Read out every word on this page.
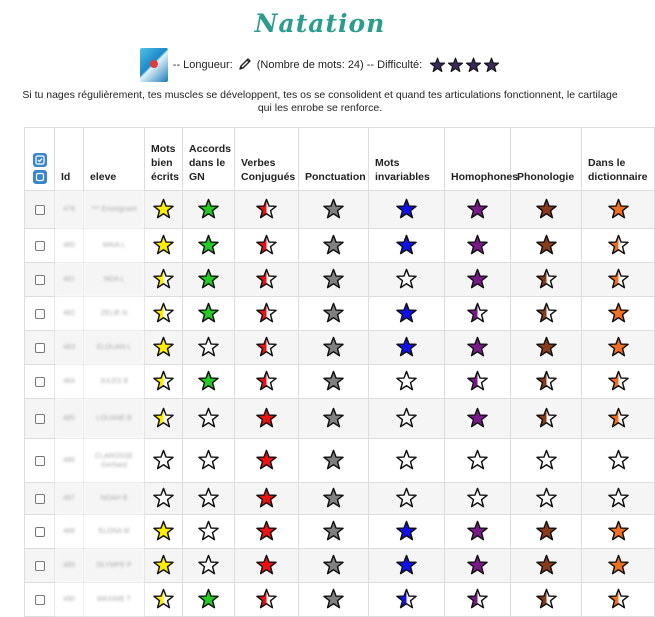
Natation
-- Longueur: (Nombre de mots: 24) -- Difficulté:

Si tu nages régulièrement, tes muscles se développent, tes os se consolident et quand tes articulations fonctionnent, le cartilage qui les enrobe se renforce.

	Id	eleve	Mots bien écrits	Accords dans le GN	Verbes Conjugués	Ponctuation	Mots invariables	Homophones	Phonologie	Dans le dictionnaire
	478	*** Enseignant	

	480	MAIA L	

	481	NOA L	

	482	ZELIE N	

	483	ELOUAN L	

	484	JULES B	

	485	LOUANE B	

	486	CLAROSSE Gerhard	

	487	NOAH B	

	488	ELONA M	

	489	OLYMPE P	

	490	MAXIME T	
